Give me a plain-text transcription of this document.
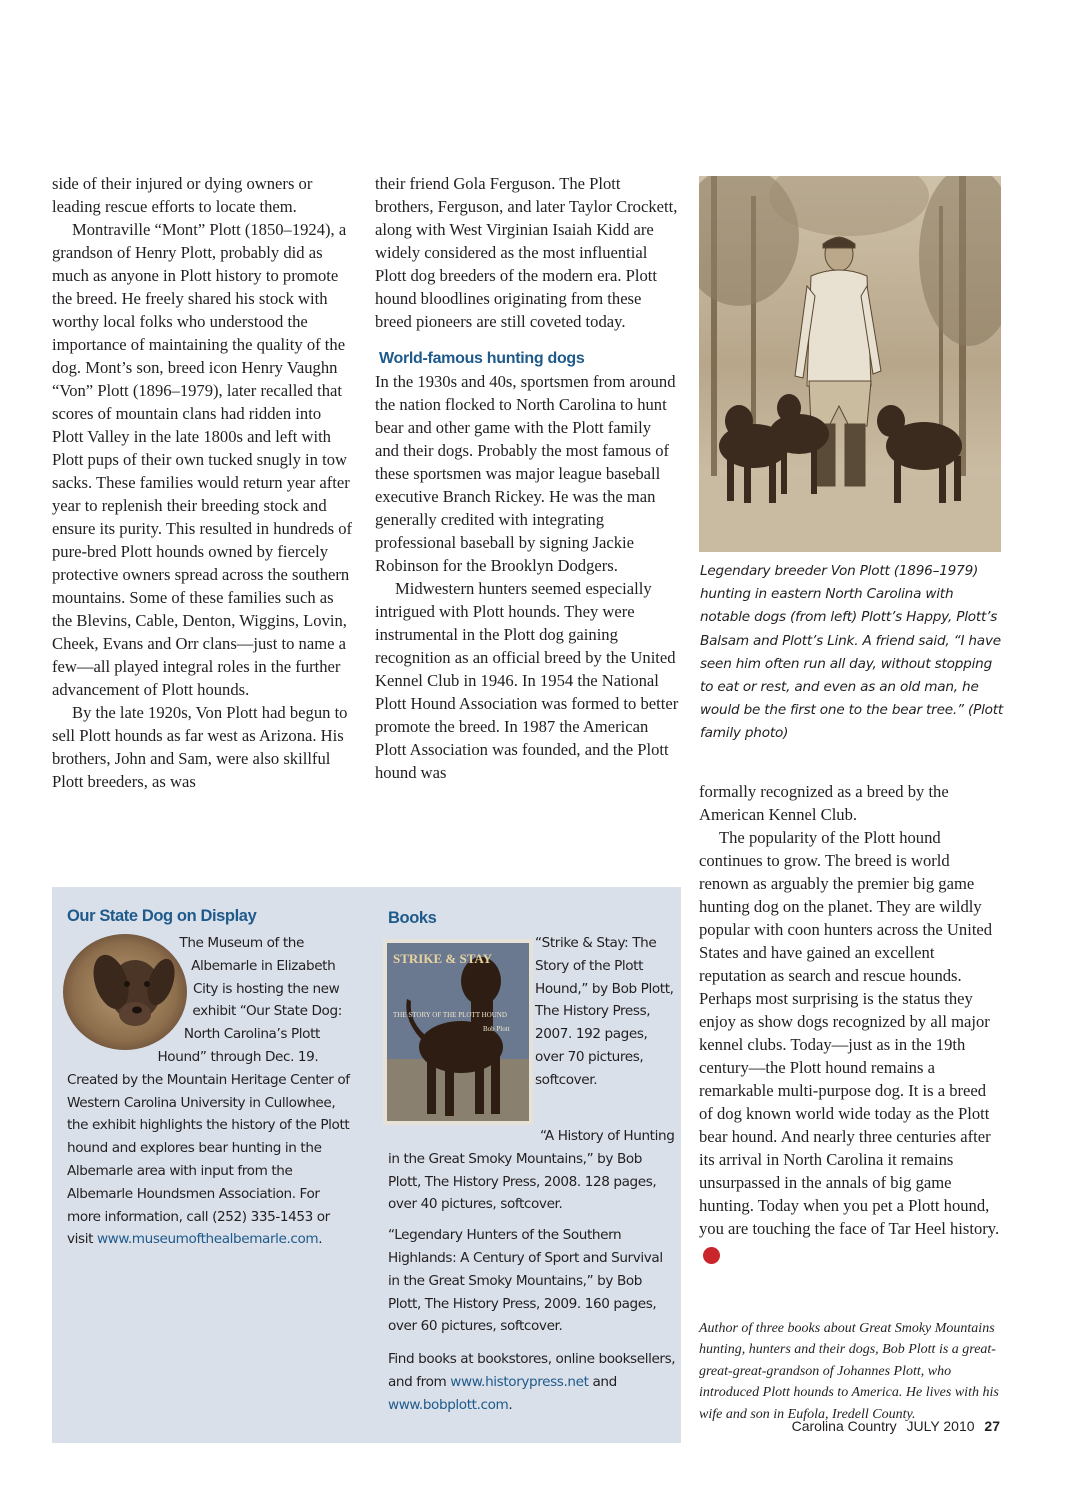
side of their injured or dying owners or leading rescue efforts to locate them.

Montraville “Mont” Plott (1850–1924), a grandson of Henry Plott, probably did as much as anyone in Plott history to promote the breed. He freely shared his stock with worthy local folks who understood the importance of maintaining the quality of the dog. Mont’s son, breed icon Henry Vaughn “Von” Plott (1896–1979), later recalled that scores of mountain clans had ridden into Plott Valley in the late 1800s and left with Plott pups of their own tucked snugly in tow sacks. These families would return year after year to replenish their breeding stock and ensure its purity. This resulted in hundreds of pure-bred Plott hounds owned by fiercely protective owners spread across the southern mountains. Some of these families such as the Blevins, Cable, Denton, Wiggins, Lovin, Cheek, Evans and Orr clans—just to name a few—all played integral roles in the further advancement of Plott hounds.

By the late 1920s, Von Plott had begun to sell Plott hounds as far west as Arizona. His brothers, John and Sam, were also skillful Plott breeders, as was

their friend Gola Ferguson. The Plott brothers, Ferguson, and later Taylor Crockett, along with West Virginian Isaiah Kidd are widely considered as the most influential Plott dog breeders of the modern era. Plott hound bloodlines originating from these breed pioneers are still coveted today.

World-famous hunting dogs

In the 1930s and 40s, sportsmen from around the nation flocked to North Carolina to hunt bear and other game with the Plott family and their dogs. Probably the most famous of these sportsmen was major league baseball executive Branch Rickey. He was the man generally credited with integrating professional baseball by signing Jackie Robinson for the Brooklyn Dodgers.

Midwestern hunters seemed especially intrigued with Plott hounds. They were instrumental in the Plott dog gaining recognition as an official breed by the United Kennel Club in 1946. In 1954 the National Plott Hound Association was formed to better promote the breed. In 1987 the American Plott Association was founded, and the Plott hound was

Legendary breeder Von Plott (1896–1979) hunting in eastern North Carolina with notable dogs (from left) Plott’s Happy, Plott’s Balsam and Plott’s Link. A friend said, “I have seen him often run all day, without stopping to eat or rest, and even as an old man, he would be the first one to the bear tree.” (Plott family photo)

formally recognized as a breed by the American Kennel Club.

The popularity of the Plott hound continues to grow. The breed is world renown as arguably the premier big game hunting dog on the planet. They are wildly popular with coon hunters across the United States and have gained an excellent reputation as search and rescue hounds. Perhaps most surprising is the status they enjoy as show dogs recognized by all major kennel clubs. Today—just as in the 19th century—the Plott hound remains a remarkable multi-purpose dog. It is a breed of dog known world wide today as the Plott bear hound. And nearly three centuries after its arrival in North Carolina it remains unsurpassed in the annals of big game hunting. Today when you pet a Plott hound, you are touching the face of Tar Heel history.C

Our State Dog on Display

The Museum of the Albemarle in Elizabeth City is hosting the new exhibit “Our State Dog: North Carolina’s Plott Hound” through Dec. 19. Created by the Mountain Heritage Center of Western Carolina University in Cullowhee, the exhibit highlights the history of the Plott hound and explores bear hunting in the Albemarle area with input from the Albemarle Houndsmen Association. For more information, call (252) 335-1453 or visit www.museumofthealbemarle.com.

Books
STRIKE & STAY
THE STORY OF THE PLOTT HOUND
Bob Plott
“Strike & Stay: The Story of the Plott Hound,” by Bob Plott, The History Press, 2007. 192 pages, over 70 pictures, softcover.

“A History of Hunting in the Great Smoky Mountains,” by Bob Plott, The History Press, 2008. 128 pages, over 40 pictures, softcover.

“Legendary Hunters of the Southern Highlands: A Century of Sport and Survival in the Great Smoky Mountains,” by Bob Plott, The History Press, 2009. 160 pages, over 60 pictures, softcover.

Find books at bookstores, online booksellers, and from www.historypress.net and www.bobplott.com.

Author of three books about Great Smoky Mountains hunting, hunters and their dogs, Bob Plott is a great-great-great-grandson of Johannes Plott, who introduced Plott hounds to America. He lives with his wife and son in Eufola, Iredell County.
Carolina Country JULY 2010 27
